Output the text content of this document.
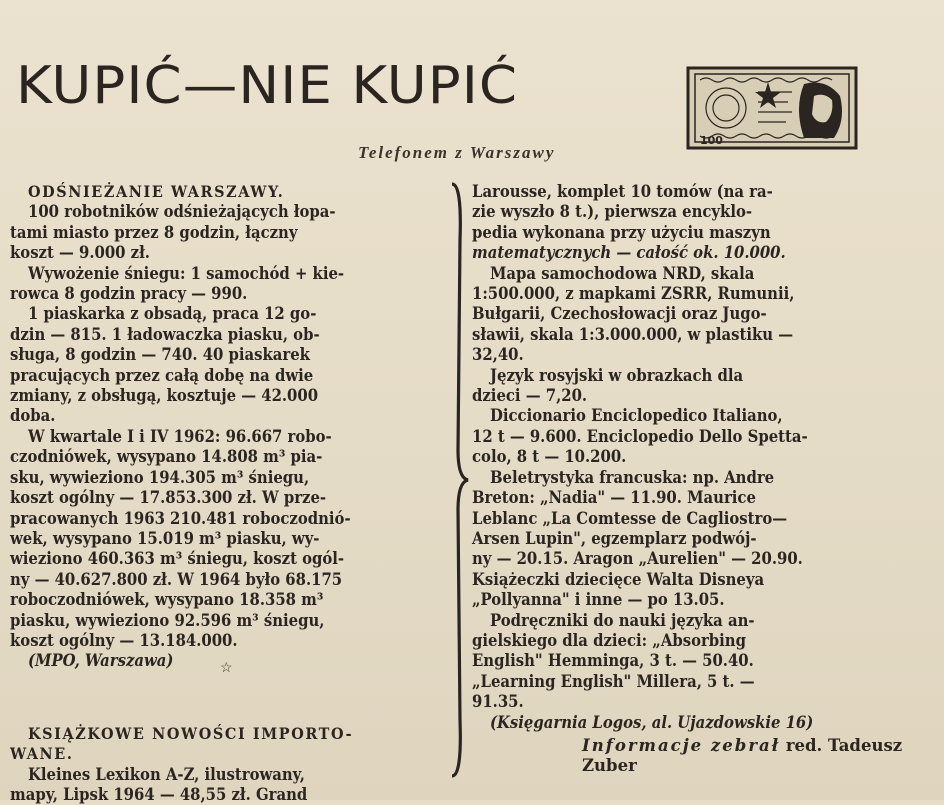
KUPIĆ—NIE KUPIĆ
Telefonem z Warszawy
100

ODŚNIEŻANIE WARSZAWY.

100 robotników odśnieżających łopa-
tami miasto przez 8 godzin, łączny
koszt — 9.000 zł.
Wywożenie śniegu: 1 samochód + kie-
rowca 8 godzin pracy — 990.
1 piaskarka z obsadą, praca 12 go-
dzin — 815. 1 ładowaczka piasku, ob-
sługa, 8 godzin — 740. 40 piaskarek
pracujących przez całą dobę na dwie
zmiany, z obsługą, kosztuje — 42.000
doba.
W kwartale I i IV 1962: 96.667 robo-
czodniówek, wysypano 14.808 m³ pia-
sku, wywieziono 194.305 m³ śniegu,
koszt ogólny — 17.853.300 zł. W prze-
pracowanych 1963 210.481 roboczodnió-
wek, wysypano 15.019 m³ piasku, wy-
wieziono 460.363 m³ śniegu, koszt ogól-
ny — 40.627.800 zł. W 1964 było 68.175
roboczodniówek, wysypano 18.358 m³
piasku, wywieziono 92.596 m³ śniegu,
koszt ogólny — 13.184.000.
(MPO, Warszawa)

KSIĄŻKOWE NOWOŚCI IMPORTO-

WANE.

Kleines Lexikon A-Z, ilustrowany,
mapy, Lipsk 1964 — 48,55 zł. Grand
☆
Larousse, komplet 10 tomów (na ra-
zie wyszło 8 t.), pierwsza encyklo-
pedia wykonana przy użyciu maszyn
matematycznych — całość ok. 10.000.
Mapa samochodowa NRD, skala
1:500.000, z mapkami ZSRR, Rumunii,
Bułgarii, Czechosłowacji oraz Jugo-
sławii, skala 1:3.000.000, w plastiku —
32,40.
Język rosyjski w obrazkach dla
dzieci — 7,20.
Diccionario Enciclopedico Italiano,
12 t — 9.600. Enciclopedio Dello Spetta-
colo, 8 t — 10.200.
Beletrystyka francuska: np. Andre
Breton: „Nadia" — 11.90. Maurice
Leblanc „La Comtesse de Cagliostro—
Arsen Lupin", egzemplarz podwój-
ny — 20.15. Aragon „Aurelien" — 20.90.
Książeczki dziecięce Walta Disneya
„Pollyanna" i inne — po 13.05.
Podręczniki do nauki języka an-
gielskiego dla dzieci: „Absorbing
English" Hemminga, 3 t. — 50.40.
„Learning English" Millera, 5 t. —
91.35.
(Księgarnia Logos, al. Ujazdowskie 16)
Informacje zebrał red. Tadeusz Zuber
